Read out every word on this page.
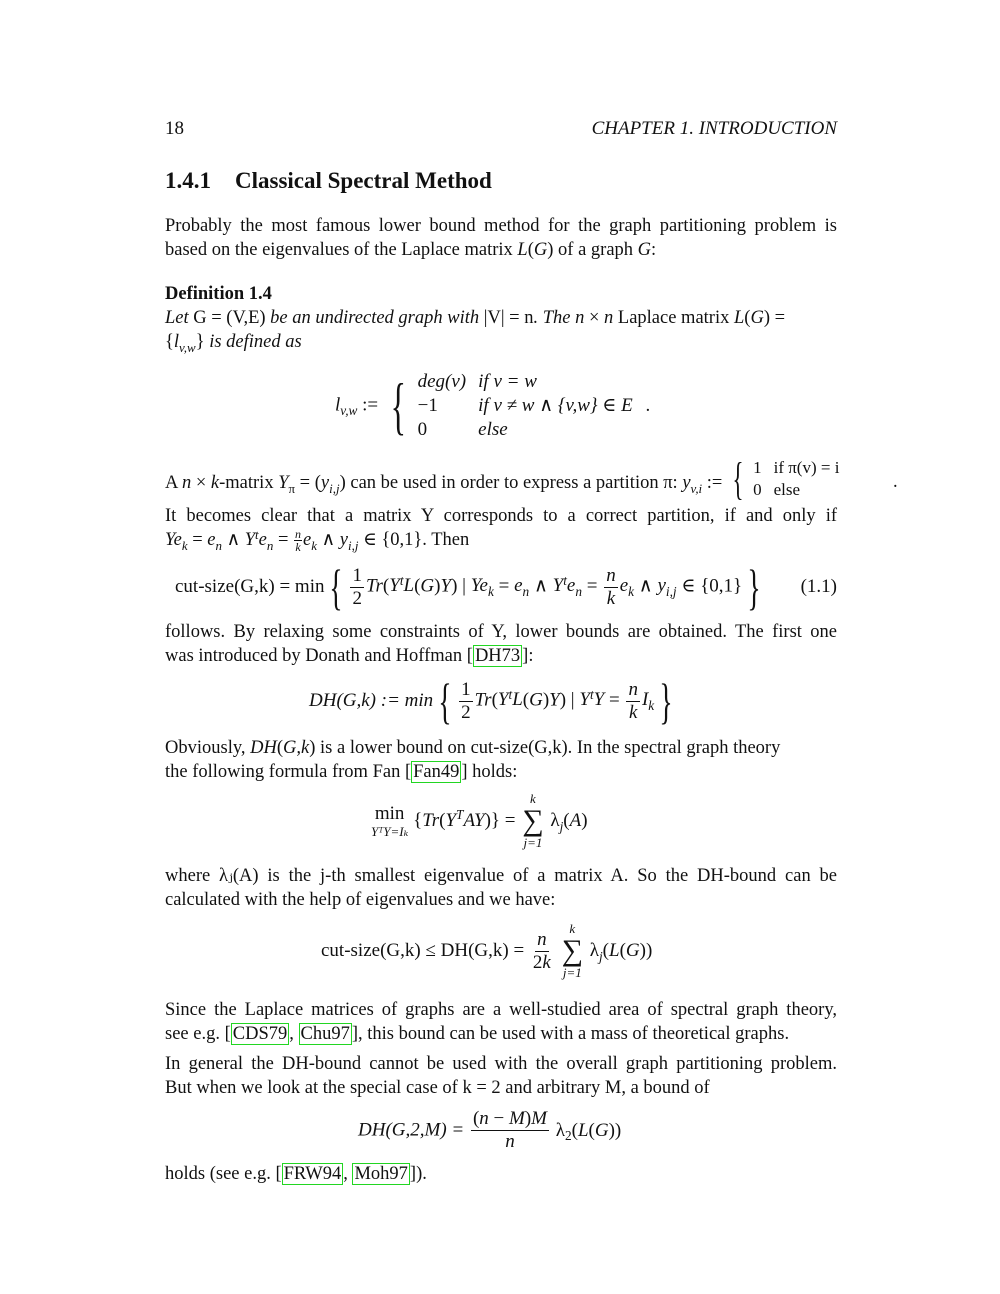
18	CHAPTER 1. INTRODUCTION
1.4.1 Classical Spectral Method
Probably the most famous lower bound method for the graph partitioning problem is
based on the eigenvalues of the Laplace matrix L(G) of a graph G:
Definition 1.4
Let G = (V,E) be an undirected graph with |V| = n. The n × n Laplace matrix L(G) =
$\{l_{v,w}\}$ is defined as
$l_{v,w}$ := { deg(v)	if v = w
−1	if v ≠ w ∧ {v,w} ∈ E
0	else
.
A n × k-matrix $Y_\pi = (y_{i,j})$ can be used in order to express a partition π: $y_{v,i}$ := { 1	if π(v) = i
0	else	.
It becomes clear that a matrix Y corresponds to a correct partition, if and only if
$Ye_k = e_n$ ∧ $Y^te_n = \frac{n}{k} e_k$ ∧ $y_{i,j}$ ∈ {0,1}. Then
cut-size(G,k) = min { $\frac{1}{2} Tr(Y^tL(G)Y)$ | $Ye_k = e_n$ ∧ $Y^te_n = \frac{n}{k} e_k$ ∧ $y_{i,j}$ ∈ {0,1} } (1.1)
follows. By relaxing some constraints of Y, lower bounds are obtained. The first one
was introduced by Donath and Hoffman [ DH73 ]:
DH(G,k) := min { $\frac{1}{2} Tr(Y^tL(G)Y)$ | $Y^tY = \frac{n}{k} I_k$ }
Obviously, DH(G,k) is a lower bound on cut-size(G,k). In the spectral graph theory
the following formula from Fan [ Fan49 ] holds:
min
YᵀY=Iₖ
$\{Tr(Y^TAY)\}$ =
k
∑
j=1
$\lambda_j(A)$
where λⱼ(A) is the j-th smallest eigenvalue of a matrix A. So the DH-bound can be
calculated with the help of eigenvalues and we have:
cut-size(G,k) ≤ $DH(G,k) = \frac{n}{2k}$
k
∑
j=1
$\lambda_j(L(G))$
Since the Laplace matrices of graphs are a well-studied area of spectral graph theory,
see e.g. [ CDS79 , Chu97 ], this bound can be used with a mass of theoretical graphs.
In general the DH-bound cannot be used with the overall graph partitioning problem.
But when we look at the special case of k = 2 and arbitrary M, a bound of
$DH(G,2,M) = \frac{(n - M)M}{n} \lambda_2(L(G))$
holds (see e.g. [ FRW94 , Moh97 ]).
